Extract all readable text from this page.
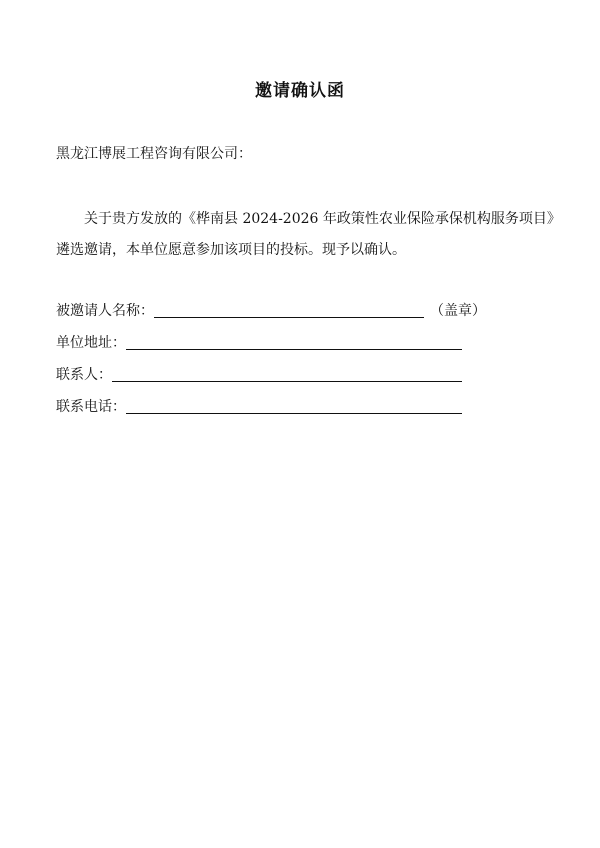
邀请确认函
黑龙江博展工程咨询有限公司：
关于贵方发放的《桦南县 2024-2026 年政策性农业保险承保机构服务项目》遴选邀请，本单位愿意参加该项目的投标。现予以确认。
被邀请人名称：	（盖章）
单位地址：
联系人：
联系电话：
